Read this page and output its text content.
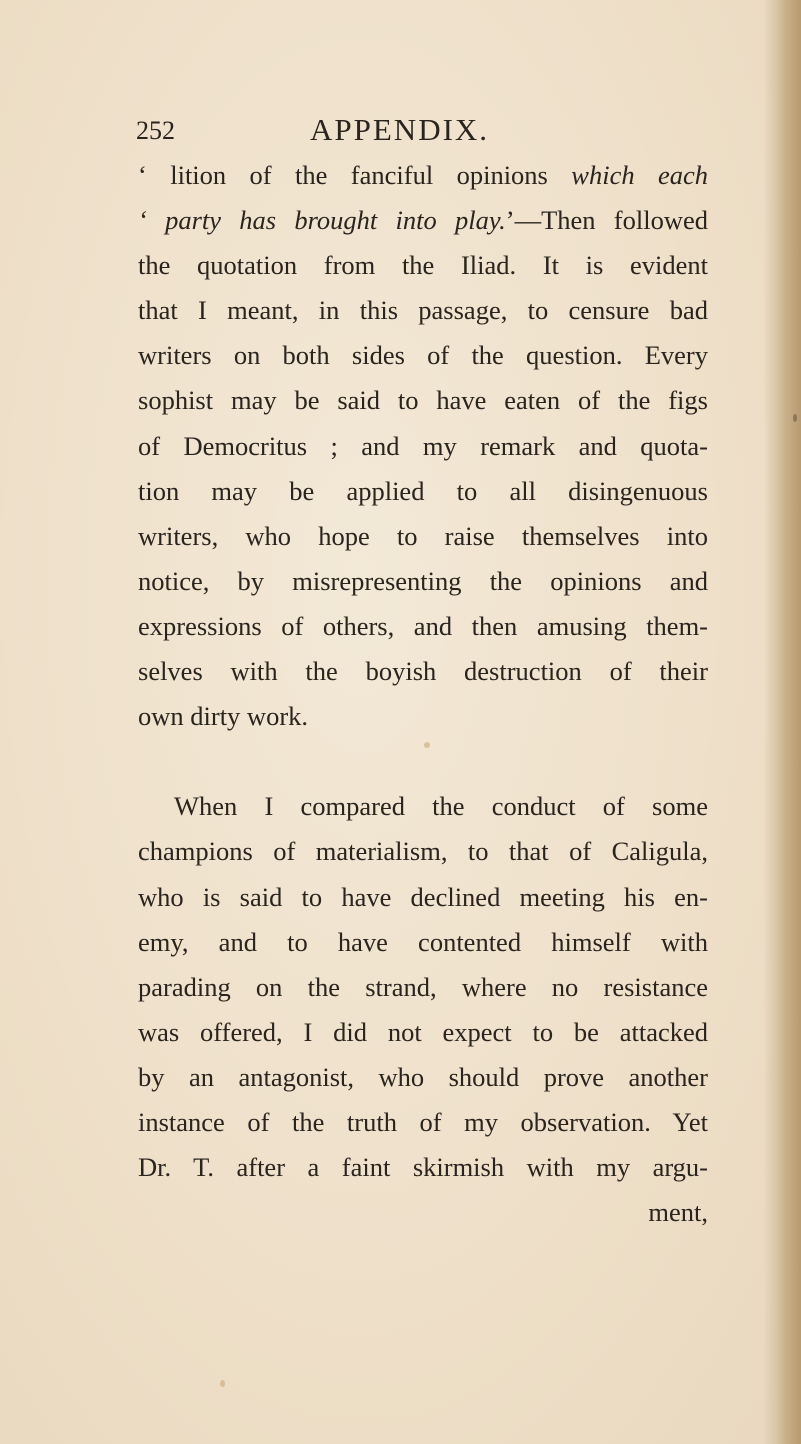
252	APPENDIX.
‘ lition of the fanciful opinions which each
‘ party has brought into play.’—Then followed
the quotation from the Iliad. It is evident
that I meant, in this passage, to censure bad
writers on both sides of the question. Every
sophist may be said to have eaten of the figs
of Democritus ; and my remark and quota-
tion may be applied to all disingenuous
writers, who hope to raise themselves into
notice, by misrepresenting the opinions and
expressions of others, and then amusing them-
selves with the boyish destruction of their
own dirty work.
When I compared the conduct of some
champions of materialism, to that of Caligula,
who is said to have declined meeting his en-
emy, and to have contented himself with
parading on the strand, where no resistance
was offered, I did not expect to be attacked
by an antagonist, who should prove another
instance of the truth of my observation. Yet
Dr. T. after a faint skirmish with my argu-
ment,
